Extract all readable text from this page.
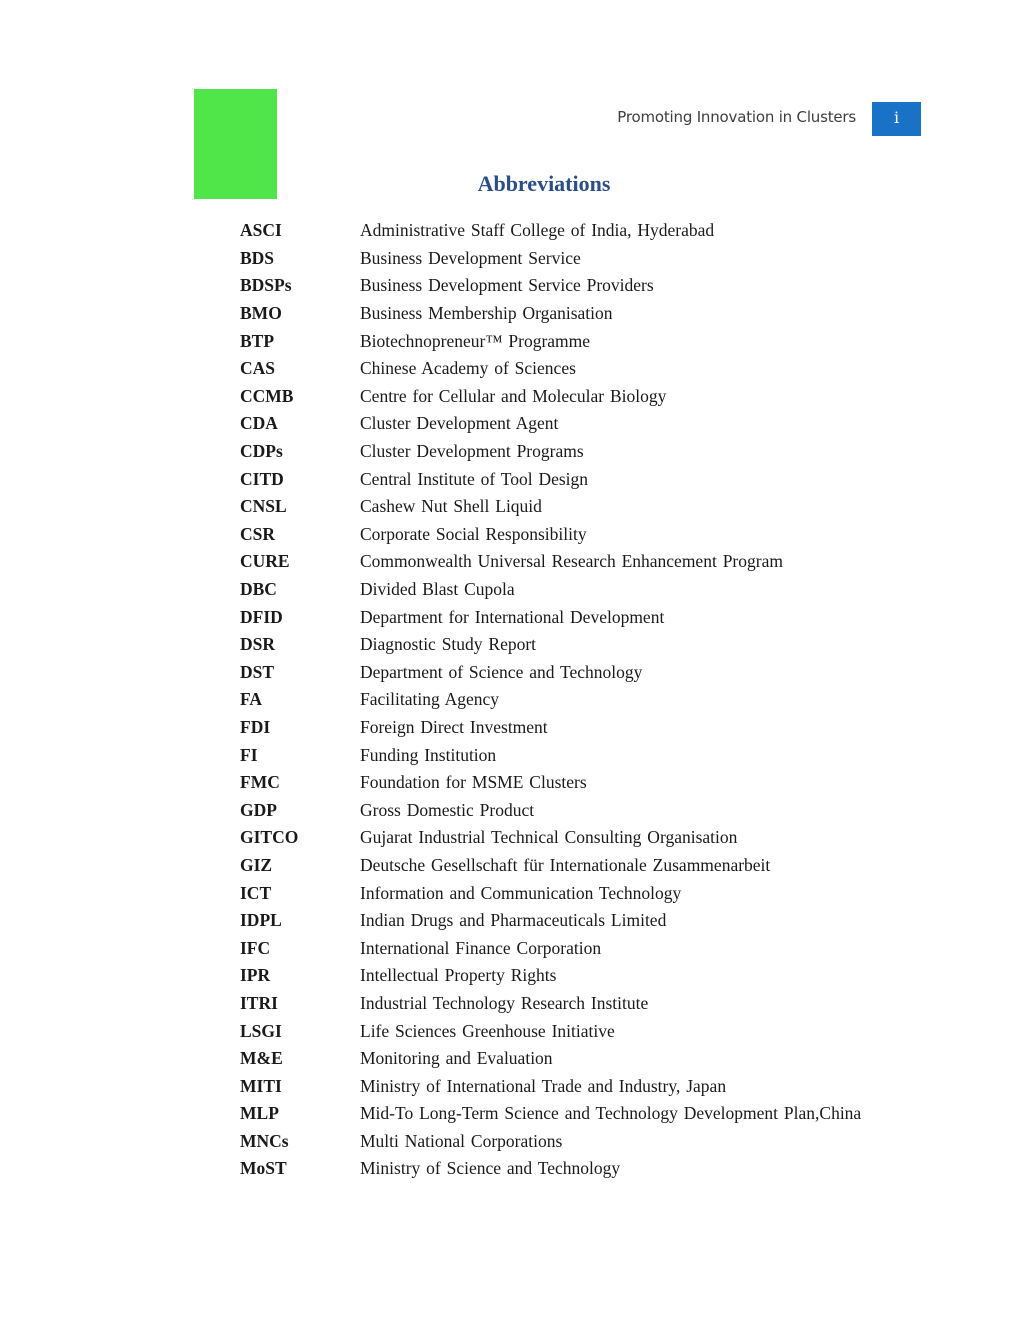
Promoting Innovation in Clusters	i
Abbreviations
ASCI	Administrative Staff College of India, Hyderabad
BDS	Business Development Service
BDSPs	Business Development Service Providers
BMO	Business Membership Organisation
BTP	Biotechnopreneur™ Programme
CAS	Chinese Academy of Sciences
CCMB	Centre for Cellular and Molecular Biology
CDA	Cluster Development Agent
CDPs	Cluster Development Programs
CITD	Central Institute of Tool Design
CNSL	Cashew Nut Shell Liquid
CSR	Corporate Social Responsibility
CURE	Commonwealth Universal Research Enhancement Program
DBC	Divided Blast Cupola
DFID	Department for International Development
DSR	Diagnostic Study Report
DST	Department of Science and Technology
FA	Facilitating Agency
FDI	Foreign Direct Investment
FI	Funding Institution
FMC	Foundation for MSME Clusters
GDP	Gross Domestic Product
GITCO	Gujarat Industrial Technical Consulting Organisation
GIZ	Deutsche Gesellschaft für Internationale Zusammenarbeit
ICT	Information and Communication Technology
IDPL	Indian Drugs and Pharmaceuticals Limited
IFC	International Finance Corporation
IPR	Intellectual Property Rights
ITRI	Industrial Technology Research Institute
LSGI	Life Sciences Greenhouse Initiative
M&E	Monitoring and Evaluation
MITI	Ministry of International Trade and Industry, Japan
MLP	Mid-To Long-Term Science and Technology Development Plan,China
MNCs	Multi National Corporations
MoST	Ministry of Science and Technology
